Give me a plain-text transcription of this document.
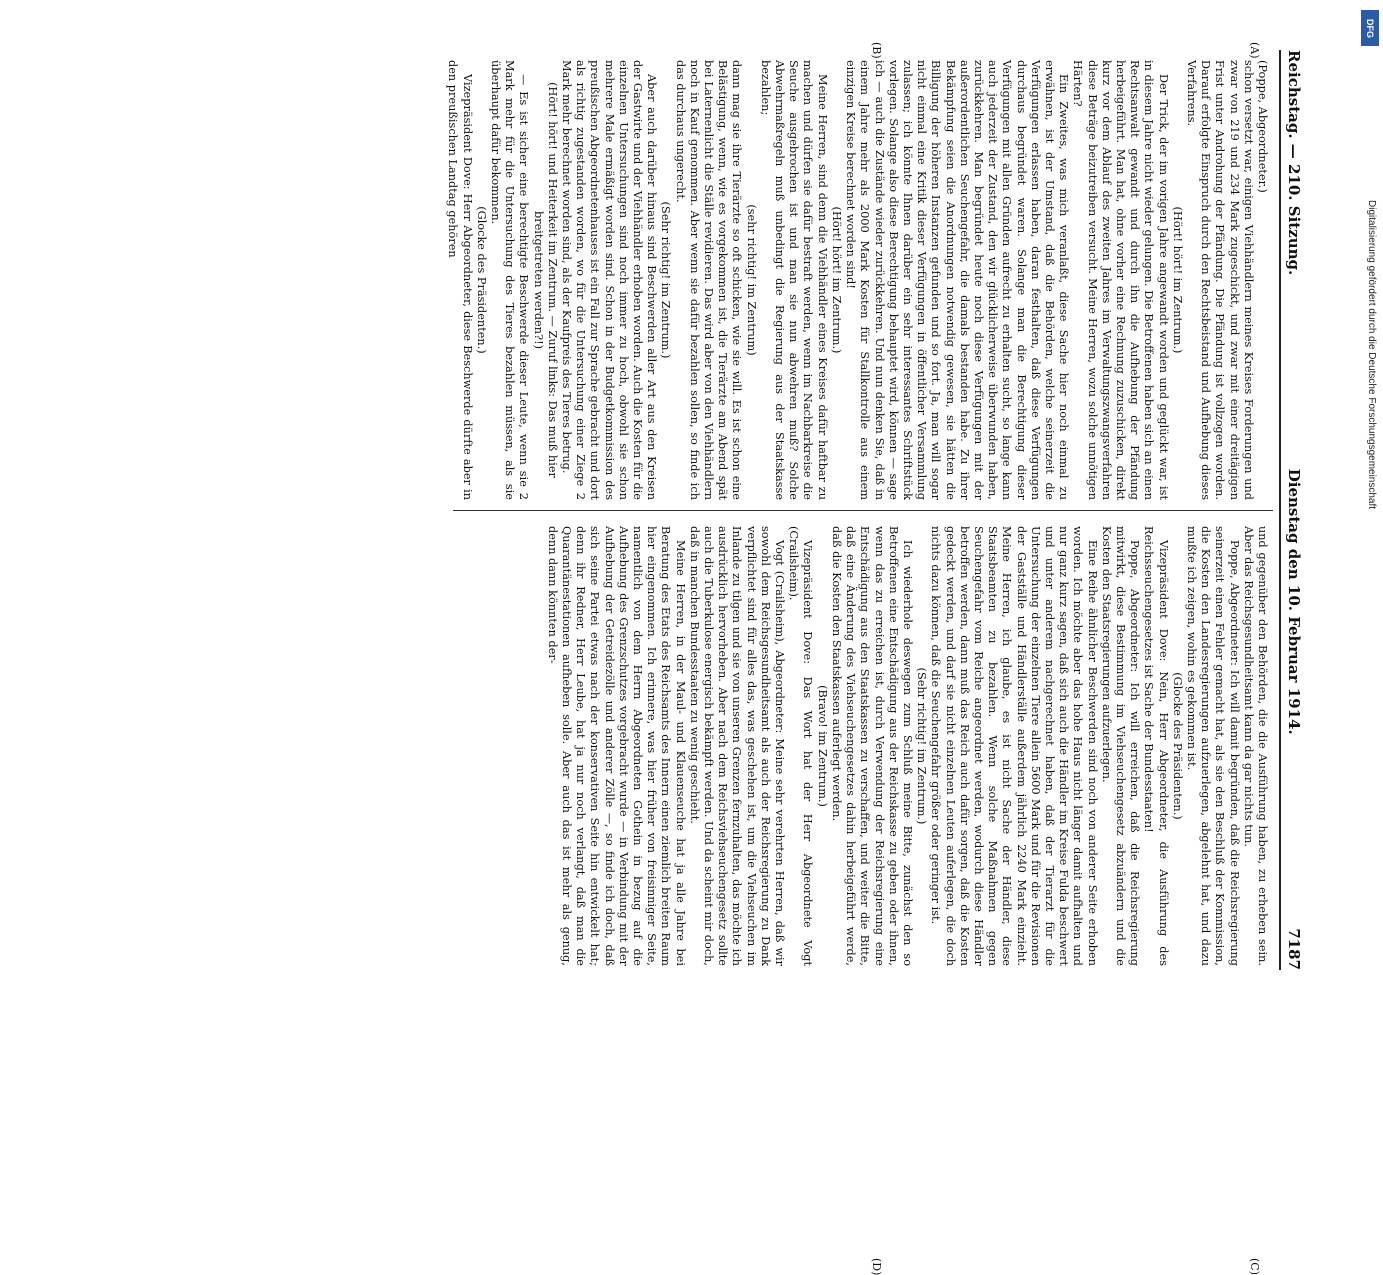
DFG
Digitalisierung gefördert durch die Deutsche Forschungsgemeinschaft
Reichstag. — 210. Sitzung.
Dienstag den 10. Februar 1914.
7187
(A)
(B)
(C)
(D)

(Poppe, Abgeordneter.)

schon versetzt war, einigen Viehhändlern meines Kreises Forderungen und zwar von 219 und 234 Mark zugeschickt, und zwar mit einer dreitägigen Frist unter Androhung der Pfändung. Die Pfändung ist vollzogen worden. Darauf erfolgte Einspruch durch den Rechtsbeistand und Aufhebung dieses Verfahrens.

(Hört! hört! im Zentrum.)

Der Trick, der im vorigen Jahre angewandt worden und geglückt war, ist in diesem Jahre nicht wieder gelungen. Die Betroffenen haben sich an einen Rechtsanwalt gewandt und durch ihn die Aufhebung der Pfändung herbeigeführt. Man hat, ohne vorher eine Rechnung zuzuschicken, direkt kurz vor dem Ablauf des zweiten Jahres im Verwaltungszwangsverfahren diese Beträge beizutreiben versucht. Meine Herren, wozu solche unnötigen Härten?

Ein Zweites, was mich veranlaßt, diese Sache hier noch einmal zu erwähnen, ist der Umstand, daß die Behörden, welche seinerzeit die Verfügungen erlassen haben, daran festhalten, daß diese Verfügungen durchaus begründet waren. Solange man die Berechtigung dieser Verfügungen mit allen Gründen aufrecht zu erhalten sucht, so lange kann auch jederzeit der Zustand, den wir glücklicherweise überwunden haben, zurückkehren. Man begründet heute noch diese Verfügungen mit der außerordentlichen Seuchengefahr, die damals bestanden habe. Zu ihrer Bekämpfung seien die Anordnungen notwendig gewesen, sie hätten die Billigung der höheren Instanzen gefunden und so fort. Ja, man will sogar nicht einmal eine Kritik dieser Verfügungen in öffentlicher Versammlung zulassen; ich könnte Ihnen darüber ein sehr interessantes Schriftstück vorlegen. Solange also diese Berechtigung behauptet wird, können — sage ich — auch die Zustände wieder zurückkehren. Und nun denken Sie, daß in einem Jahre mehr als 2000 Mark Kosten für Stallkontrolle aus einem einzigen Kreise berechnet worden sind!

(Hört! hört! im Zentrum.)

Meine Herren, sind denn die Viehhändler eines Kreises dafür haftbar zu machen und dürfen sie dafür bestraft werden, wenn im Nachbarkreise die Seuche ausgebrochen ist und man sie nun abwehren muß? Solche Abwehrmaßregeln muß unbedingt die Regierung aus der Staatskasse bezahlen;

(sehr richtig! im Zentrum)

dann mag sie ihre Tierärzte so oft schicken, wie sie will. Es ist schon eine Belästigung, wenn, wie es vorgekommen ist, die Tierärzte am Abend spät bei Laternenlicht die Ställe revidieren. Das wird aber von den Viehhändlern noch in Kauf genommen. Aber wenn sie dafür bezahlen sollen, so finde ich das durchaus ungerecht.

(Sehr richtig! im Zentrum.)

Aber auch darüber hinaus sind Beschwerden aller Art aus den Kreisen der Gastwirte und der Viehhändler erhoben worden. Auch die Kosten für die einzelnen Untersuchungen sind noch immer zu hoch, obwohl sie schon mehrere Male ermäßigt worden sind. Schon in der Budgetkommission des preußischen Abgeordnetenhauses ist ein Fall zur Sprache gebracht und dort als richtig zugestanden worden, wo für die Untersuchung einer Ziege 2 Mark mehr berechnet worden sind, als der Kaufpreis des Tieres betrug.

(Hört! hört! und Heiterkeit im Zentrum. — Zuruf links: Das muß hier breitgetreten werden?!)

— Es ist sicher eine berechtigte Beschwerde dieser Leute, wenn sie 2 Mark mehr für die Untersuchung des Tieres bezahlen müssen, als sie überhaupt dafür bekommen.

(Glocke des Präsidenten.)

Vizepräsident Dove: Herr Abgeordneter, diese Beschwerde dürfte aber in den preußischen Landtag gehören

und gegenüber den Behörden, die die Ausführung haben, zu erheben sein. Aber das Reichsgesundheitsamt kann da gar nichts tun.

Poppe, Abgeordneter: Ich will damit begründen, daß die Reichsregierung seinerzeit einen Fehler gemacht hat, als sie den Beschluß der Kommission, die Kosten den Landesregierungen aufzuerlegen, abgelehnt hat, und dazu mußte ich zeigen, wohin es gekommen ist.

(Glocke des Präsidenten.)

Vizepräsident Dove: Nein, Herr Abgeordneter, die Ausführung des Reichsseuchengesetzes ist Sache der Bundesstaaten!

Poppe, Abgeordneter: Ich will erreichen, daß die Reichsregierung mitwirkt, diese Bestimmung im Viehseuchengesetz abzuändern und die Kosten den Staatsregierungen aufzuerlegen.

Eine Reihe ähnlicher Beschwerden sind noch von anderer Seite erhoben worden. Ich möchte aber das hohe Haus nicht länger damit aufhalten und nur ganz kurz sagen, daß sich auch die Händler im Kreise Fulda beschwert und unter anderem nachgerechnet haben, daß der Tierarzt für die Untersuchung der einzelnen Tiere allein 5600 Mark und für die Revisionen der Gastställe und Händlerställe außerdem jährlich 2240 Mark einzieht. Meine Herren, ich glaube, es ist nicht Sache der Händler, diese Staatsbeamten zu bezahlen. Wenn solche Maßnahmen gegen Seuchengefahr vom Reiche angeordnet werden, wodurch diese Händler betroffen werden, dann muß das Reich auch dafür sorgen, daß die Kosten gedeckt werden, und darf sie nicht einzelnen Leuten auferlegen, die doch nichts dazu können, daß die Seuchengefahr größer oder geringer ist.

(Sehr richtig! im Zentrum.)

Ich wiederhole deswegen zum Schluß meine Bitte, zunächst den so Betroffenen eine Entschädigung aus der Reichskasse zu geben oder ihnen, wenn das zu erreichen ist, durch Verwendung der Reichsregierung eine Entschädigung aus den Staatskassen zu verschaffen, und weiter die Bitte, daß eine Änderung des Viehseuchengesetzes dahin herbeigeführt werde, daß die Kosten den Staatskassen auferlegt werden.

(Bravo! im Zentrum.)

Vizepräsident Dove: Das Wort hat der Herr Abgeordnete Vogt (Crailsheim).

Vogt (Crailsheim), Abgeordneter: Meine sehr verehrten Herren, daß wir sowohl dem Reichsgesundheitsamt als auch der Reichsregierung zu Dank verpflichtet sind für alles das, was geschehen ist, um die Viehseuchen im Inlande zu tilgen und sie von unseren Grenzen fernzuhalten, das möchte ich ausdrücklich hervorheben. Aber nach dem Reichsviehseuchengesetz sollte auch die Tuberkulose energisch bekämpft werden. Und da scheint mir doch, daß in manchen Bundesstaaten zu wenig geschieht.

Meine Herren, in der Maul- und Klauenseuche hat ja alle Jahre bei Beratung des Etats des Reichsamts des Innern einen ziemlich breiten Raum hier eingenommen. Ich erinnere, was hier früher von freisinniger Seite, namentlich von dem Herrn Abgeordneten Gothein in bezug auf die Aufhebung des Grenzschutzes vorgebracht wurde — in Verbindung mit der Aufhebung der Getreidezölle und anderer Zölle —, so finde ich doch, daß sich seine Partei etwas nach der konservativen Seite hin entwickelt hat; denn ihr Redner, Herr Leube, hat ja nur noch verlangt, daß man die Quarantänestationen aufheben solle. Aber auch das ist mehr als genug, denn dann könnten der-
